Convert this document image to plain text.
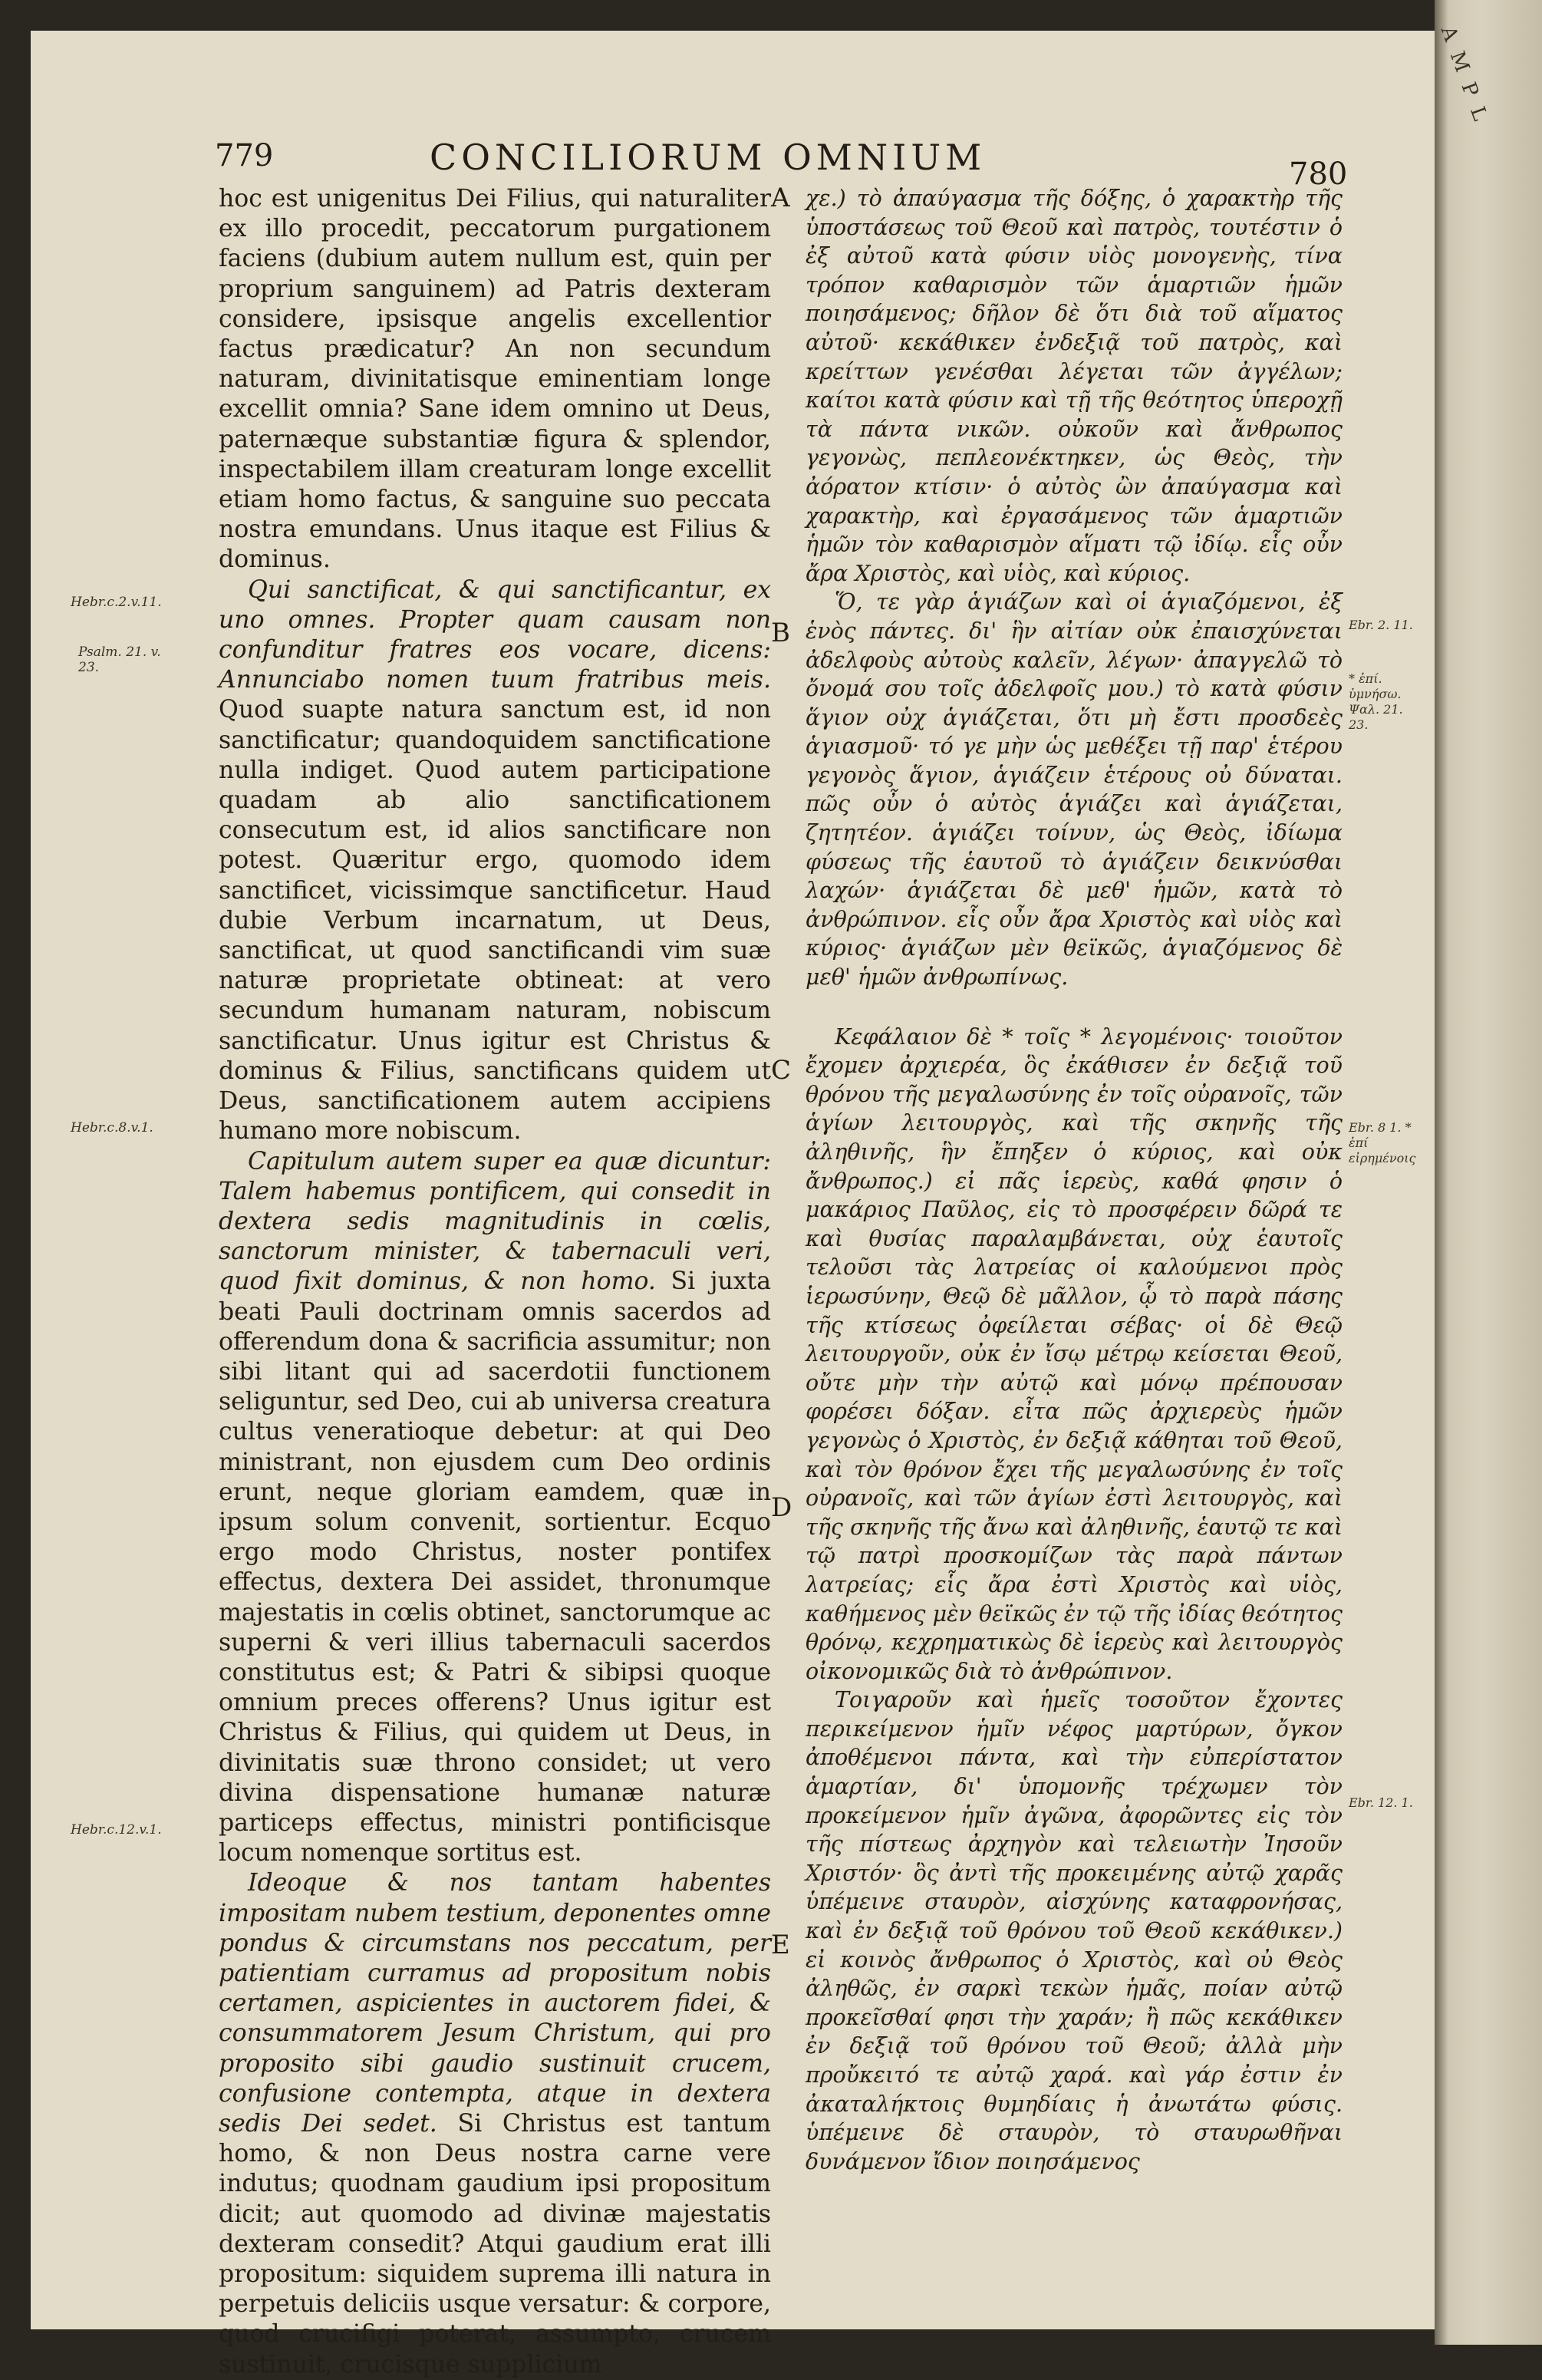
779	CONCILIORUM OMNIUM	780
Hebr.c.2.v.11.
Psalm. 21. v. 23.
Hebr.c.8.v.1.
Hebr.c.12.v.1.
Ebr. 2. 11.
* ἐπί. ὑμνήσω. Ψαλ. 21. 23.
Ebr. 8 1. * ἐπί εἰρημένοις
Ebr. 12. 1.
A
B
C
D
E

hoc est unigenitus Dei Filius, qui naturaliter ex illo procedit, peccatorum purgationem faciens (dubium autem nullum est, quin per proprium sanguinem) ad Patris dexteram considere, ipsisque angelis excellentior factus prædicatur? An non secundum naturam, divinitatisque eminentiam longe excellit omnia? Sane idem omnino ut Deus, paternæque substantiæ figura & splendor, inspectabilem illam creaturam longe excellit etiam homo factus, & sanguine suo peccata nostra emundans. Unus itaque est Filius & dominus.

Qui sanctificat, & qui sanctificantur, ex uno omnes. Propter quam causam non confunditur fratres eos vocare, dicens: Annunciabo nomen tuum fratribus meis. Quod suapte natura sanctum est, id non sanctificatur; quandoquidem sanctificatione nulla indiget. Quod autem participatione quadam ab alio sanctificationem consecutum est, id alios sanctificare non potest. Quæritur ergo, quomodo idem sanctificet, vicissimque sanctificetur. Haud dubie Verbum incarnatum, ut Deus, sanctificat, ut quod sanctificandi vim suæ naturæ proprietate obtineat: at vero secundum humanam naturam, nobiscum sanctificatur. Unus igitur est Christus & dominus & Filius, sanctificans quidem ut Deus, sanctificationem autem accipiens humano more nobiscum.

Capitulum autem super ea quæ dicuntur: Talem habemus pontificem, qui consedit in dextera sedis magnitudinis in cœlis, sanctorum minister, & tabernaculi veri, quod fixit dominus, & non homo. Si juxta beati Pauli doctrinam omnis sacerdos ad offerendum dona & sacrificia assumitur; non sibi litant qui ad sacerdotii functionem seliguntur, sed Deo, cui ab universa creatura cultus veneratioque debetur: at qui Deo ministrant, non ejusdem cum Deo ordinis erunt, neque gloriam eamdem, quæ in ipsum solum convenit, sortientur. Ecquo ergo modo Christus, noster pontifex effectus, dextera Dei assidet, thronumque majestatis in cœlis obtinet, sanctorumque ac superni & veri illius tabernaculi sacerdos constitutus est; & Patri & sibipsi quoque omnium preces offerens? Unus igitur est Christus & Filius, qui quidem ut Deus, in divinitatis suæ throno considet; ut vero divina dispensatione humanæ naturæ particeps effectus, ministri pontificisque locum nomenque sortitus est.

Ideoque & nos tantam habentes impositam nubem testium, deponentes omne pondus & circumstans nos peccatum, per patientiam curramus ad propositum nobis certamen, aspicientes in auctorem fidei, & consummatorem Jesum Christum, qui pro proposito sibi gaudio sustinuit crucem, confusione contempta, atque in dextera sedis Dei sedet. Si Christus est tantum homo, & non Deus nostra carne vere indutus; quodnam gaudium ipsi propositum dicit; aut quomodo ad divinæ majestatis dexteram consedit? Atqui gaudium erat illi propositum: siquidem suprema illi natura in perpetuis deliciis usque versatur: & corpore, quod crucifigi poterat, assumpto, crucem sustinuit, crucisque supplicium

χε.) τὸ ἀπαύγασμα τῆς δόξης, ὁ χαρακτὴρ τῆς ὑποστάσεως τοῦ Θεοῦ καὶ πατρὸς, τουτέστιν ὁ ἐξ αὐτοῦ κατὰ φύσιν υἱὸς μονογενὴς, τίνα τρόπον καθαρισμὸν τῶν ἁμαρτιῶν ἡμῶν ποιησάμενος; δῆλον δὲ ὅτι διὰ τοῦ αἵματος αὐτοῦ· κεκάθικεν ἐνδεξιᾷ τοῦ πατρὸς, καὶ κρείττων γενέσθαι λέγεται τῶν ἀγγέλων; καίτοι κατὰ φύσιν καὶ τῇ τῆς θεότητος ὑπεροχῇ τὰ πάντα νικῶν. οὐκοῦν καὶ ἄνθρωπος γεγονὼς, πεπλεονέκτηκεν, ὡς Θεὸς, τὴν ἀόρατον κτίσιν· ὁ αὐτὸς ὢν ἀπαύγασμα καὶ χαρακτὴρ, καὶ ἐργασάμενος τῶν ἁμαρτιῶν ἡμῶν τὸν καθαρισμὸν αἵματι τῷ ἰδίῳ. εἷς οὖν ἄρα Χριστὸς, καὶ υἱὸς, καὶ κύριος.

Ὅ, τε γὰρ ἁγιάζων καὶ οἱ ἁγιαζόμενοι, ἐξ ἑνὸς πάντες. δι' ἣν αἰτίαν οὐκ ἐπαισχύνεται ἀδελφοὺς αὐτοὺς καλεῖν, λέγων· ἀπαγγελῶ τὸ ὄνομά σου τοῖς ἀδελφοῖς μου.) τὸ κατὰ φύσιν ἅγιον οὐχ ἁγιάζεται, ὅτι μὴ ἔστι προσδεὲς ἁγιασμοῦ· τό γε μὴν ὡς μεθέξει τῇ παρ' ἑτέρου γεγονὸς ἅγιον, ἁγιάζειν ἑτέρους οὐ δύναται. πῶς οὖν ὁ αὐτὸς ἁγιάζει καὶ ἁγιάζεται, ζητητέον. ἁγιάζει τοίνυν, ὡς Θεὸς, ἰδίωμα φύσεως τῆς ἑαυτοῦ τὸ ἁγιάζειν δεικνύσθαι λαχών· ἁγιάζεται δὲ μεθ' ἡμῶν, κατὰ τὸ ἀνθρώπινον. εἷς οὖν ἄρα Χριστὸς καὶ υἱὸς καὶ κύριος· ἁγιάζων μὲν θεϊκῶς, ἁγιαζόμενος δὲ μεθ' ἡμῶν ἀνθρωπίνως.

Κεφάλαιον δὲ * τοῖς * λεγομένοις· τοιοῦτον ἔχομεν ἀρχιερέα, ὃς ἐκάθισεν ἐν δεξιᾷ τοῦ θρόνου τῆς μεγαλωσύνης ἐν τοῖς οὐρανοῖς, τῶν ἁγίων λειτουργὸς, καὶ τῆς σκηνῆς τῆς ἀληθινῆς, ἣν ἔπηξεν ὁ κύριος, καὶ οὐκ ἄνθρωπος.) εἰ πᾶς ἱερεὺς, καθά φησιν ὁ μακάριος Παῦλος, εἰς τὸ προσφέρειν δῶρά τε καὶ θυσίας παραλαμβάνεται, οὐχ ἑαυτοῖς τελοῦσι τὰς λατρείας οἱ καλούμενοι πρὸς ἱερωσύνην, Θεῷ δὲ μᾶλλον, ᾧ τὸ παρὰ πάσης τῆς κτίσεως ὀφείλεται σέβας· οἱ δὲ Θεῷ λειτουργοῦν, οὐκ ἐν ἴσῳ μέτρῳ κείσεται Θεοῦ, οὔτε μὴν τὴν αὐτῷ καὶ μόνῳ πρέπουσαν φορέσει δόξαν. εἶτα πῶς ἀρχιερεὺς ἡμῶν γεγονὼς ὁ Χριστὸς, ἐν δεξιᾷ κάθηται τοῦ Θεοῦ, καὶ τὸν θρόνον ἔχει τῆς μεγαλωσύνης ἐν τοῖς οὐρανοῖς, καὶ τῶν ἁγίων ἐστὶ λειτουργὸς, καὶ τῆς σκηνῆς τῆς ἄνω καὶ ἀληθινῆς, ἑαυτῷ τε καὶ τῷ πατρὶ προσκομίζων τὰς παρὰ πάντων λατρείας; εἷς ἄρα ἐστὶ Χριστὸς καὶ υἱὸς, καθήμενος μὲν θεϊκῶς ἐν τῷ τῆς ἰδίας θεότητος θρόνῳ, κεχρηματικὼς δὲ ἱερεὺς καὶ λειτουργὸς οἰκονομικῶς διὰ τὸ ἀνθρώπινον.

Τοιγαροῦν καὶ ἡμεῖς τοσοῦτον ἔχοντες περικείμενον ἡμῖν νέφος μαρτύρων, ὄγκον ἀποθέμενοι πάντα, καὶ τὴν εὐπερίστατον ἁμαρτίαν, δι' ὑπομονῆς τρέχωμεν τὸν προκείμενον ἡμῖν ἀγῶνα, ἀφορῶντες εἰς τὸν τῆς πίστεως ἀρχηγὸν καὶ τελειωτὴν Ἰησοῦν Χριστόν· ὃς ἀντὶ τῆς προκειμένης αὐτῷ χαρᾶς ὑπέμεινε σταυρὸν, αἰσχύνης καταφρονήσας, καὶ ἐν δεξιᾷ τοῦ θρόνου τοῦ Θεοῦ κεκάθικεν.) εἰ κοινὸς ἄνθρωπος ὁ Χριστὸς, καὶ οὐ Θεὸς ἀληθῶς, ἐν σαρκὶ τεκὼν ἡμᾶς, ποίαν αὐτῷ προκεῖσθαί φησι τὴν χαράν; ἢ πῶς κεκάθικεν ἐν δεξιᾷ τοῦ θρόνου τοῦ Θεοῦ; ἀλλὰ μὴν προὔκειτό τε αὐτῷ χαρά. καὶ γάρ ἐστιν ἐν ἀκαταλήκτοις θυμηδίαις ἡ ἀνωτάτω φύσις. ὑπέμεινε δὲ σταυρὸν, τὸ σταυρωθῆναι δυνάμενον ἴδιον ποιησάμενος

A M P L
